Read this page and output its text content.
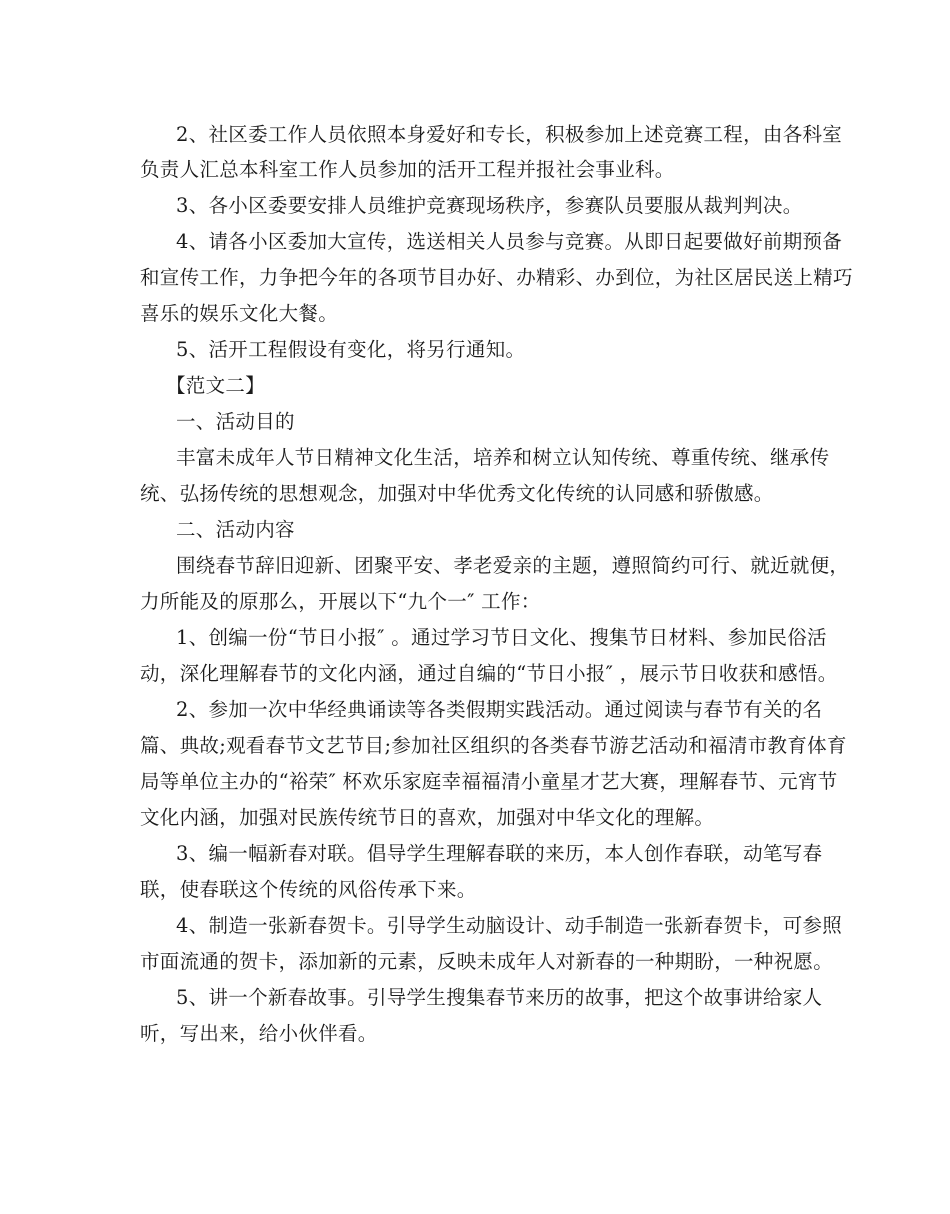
2、社区委工作人员依照本身爱好和专长，积极参加上述竞赛工程，由各科室
负责人汇总本科室工作人员参加的活开工程并报社会事业科。
3、各小区委要安排人员维护竞赛现场秩序，参赛队员要服从裁判判决。
4、请各小区委加大宣传，选送相关人员参与竞赛。从即日起要做好前期预备
和宣传工作，力争把今年的各项节目办好、办精彩、办到位，为社区居民送上精巧
喜乐的娱乐文化大餐。
5、活开工程假设有变化，将另行通知。
【范文二】
一、活动目的
丰富未成年人节日精神文化生活，培养和树立认知传统、尊重传统、继承传
统、弘扬传统的思想观念，加强对中华优秀文化传统的认同感和骄傲感。
二、活动内容
围绕春节辞旧迎新、团聚平安、孝老爱亲的主题，遵照简约可行、就近就便，
力所能及的原那么，开展以下“九个一″ 工作：
1、创编一份“节日小报″ 。通过学习节日文化、搜集节日材料、参加民俗活
动，深化理解春节的文化内涵，通过自编的“节日小报″ ，展示节日收获和感悟。
2、参加一次中华经典诵读等各类假期实践活动。通过阅读与春节有关的名
篇、典故;观看春节文艺节目;参加社区组织的各类春节游艺活动和福清市教育体育
局等单位主办的“裕荣″ 杯欢乐家庭幸福福清小童星才艺大赛，理解春节、元宵节
文化内涵，加强对民族传统节日的喜欢，加强对中华文化的理解。
3、编一幅新春对联。倡导学生理解春联的来历，本人创作春联，动笔写春
联，使春联这个传统的风俗传承下来。
4、制造一张新春贺卡。引导学生动脑设计、动手制造一张新春贺卡，可参照
市面流通的贺卡，添加新的元素，反映未成年人对新春的一种期盼，一种祝愿。
5、讲一个新春故事。引导学生搜集春节来历的故事，把这个故事讲给家人
听，写出来，给小伙伴看。
